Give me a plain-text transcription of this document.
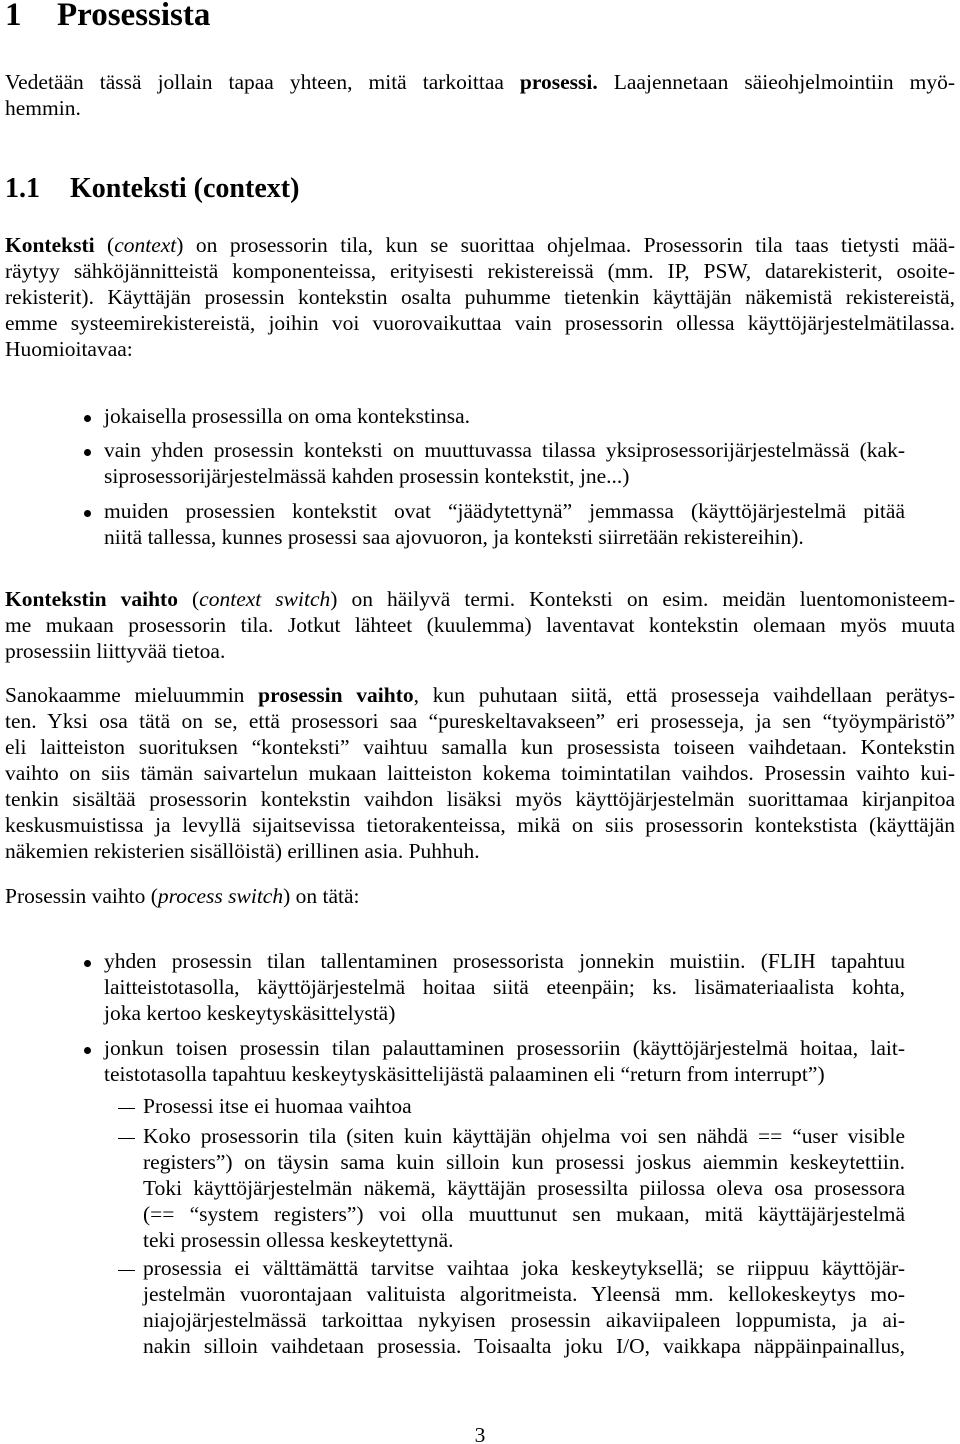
1 Prosessista
Vedetään tässä jollain tapaa yhteen, mitä tarkoittaa prosessi. Laajennetaan säieohjelmointiin myö-
hemmin.
1.1 Konteksti (context)
Konteksti (context) on prosessorin tila, kun se suorittaa ohjelmaa. Prosessorin tila taas tietysti mää-
räytyy sähköjännitteistä komponenteissa, erityisesti rekistereissä (mm. IP, PSW, datarekisterit, osoite-
rekisterit). Käyttäjän prosessin kontekstin osalta puhumme tietenkin käyttäjän näkemistä rekistereistä,
emme systeemirekistereistä, joihin voi vuorovaikuttaa vain prosessorin ollessa käyttöjärjestelmätilassa.
Huomioitavaa:
jokaisella prosessilla on oma kontekstinsa.
vain yhden prosessin konteksti on muuttuvassa tilassa yksiprosessorijärjestelmässä (kak-
siprosessorijärjestelmässä kahden prosessin kontekstit, jne...)
muiden prosessien kontekstit ovat “jäädytettynä” jemmassa (käyttöjärjestelmä pitää
niitä tallessa, kunnes prosessi saa ajovuoron, ja konteksti siirretään rekistereihin).
Kontekstin vaihto (context switch) on häilyvä termi. Konteksti on esim. meidän luentomonisteem-
me mukaan prosessorin tila. Jotkut lähteet (kuulemma) laventavat kontekstin olemaan myös muuta
prosessiin liittyvää tietoa.
Sanokaamme mieluummin prosessin vaihto, kun puhutaan siitä, että prosesseja vaihdellaan perätys-
ten. Yksi osa tätä on se, että prosessori saa “pureskeltavakseen” eri prosesseja, ja sen “työympäristö”
eli laitteiston suorituksen “konteksti” vaihtuu samalla kun prosessista toiseen vaihdetaan. Kontekstin
vaihto on siis tämän saivartelun mukaan laitteiston kokema toimintatilan vaihdos. Prosessin vaihto kui-
tenkin sisältää prosessorin kontekstin vaihdon lisäksi myös käyttöjärjestelmän suorittamaa kirjanpitoa
keskusmuistissa ja levyllä sijaitsevissa tietorakenteissa, mikä on siis prosessorin kontekstista (käyttäjän
näkemien rekisterien sisällöistä) erillinen asia. Puhhuh.
Prosessin vaihto (process switch) on tätä:
yhden prosessin tilan tallentaminen prosessorista jonnekin muistiin. (FLIH tapahtuu
laitteistotasolla, käyttöjärjestelmä hoitaa siitä eteenpäin; ks. lisämateriaalista kohta,
joka kertoo keskeytyskäsittelystä)
jonkun toisen prosessin tilan palauttaminen prosessoriin (käyttöjärjestelmä hoitaa, lait-
teistotasolla tapahtuu keskeytyskäsittelijästä palaaminen eli “return from interrupt”)
Prosessi itse ei huomaa vaihtoa
Koko prosessorin tila (siten kuin käyttäjän ohjelma voi sen nähdä == “user visible
registers”) on täysin sama kuin silloin kun prosessi joskus aiemmin keskeytettiin.
Toki käyttöjärjestelmän näkemä, käyttäjän prosessilta piilossa oleva osa prosessora
(== “system registers”) voi olla muuttunut sen mukaan, mitä käyttäjärjestelmä
teki prosessin ollessa keskeytettynä.
prosessia ei välttämättä tarvitse vaihtaa joka keskeytyksellä; se riippuu käyttöjär-
jestelmän vuorontajaan valituista algoritmeista. Yleensä mm. kellokeskeytys mo-
niajojärjestelmässä tarkoittaa nykyisen prosessin aikaviipaleen loppumista, ja ai-
nakin silloin vaihdetaan prosessia. Toisaalta joku I/O, vaikkapa näppäinpainallus,
3
